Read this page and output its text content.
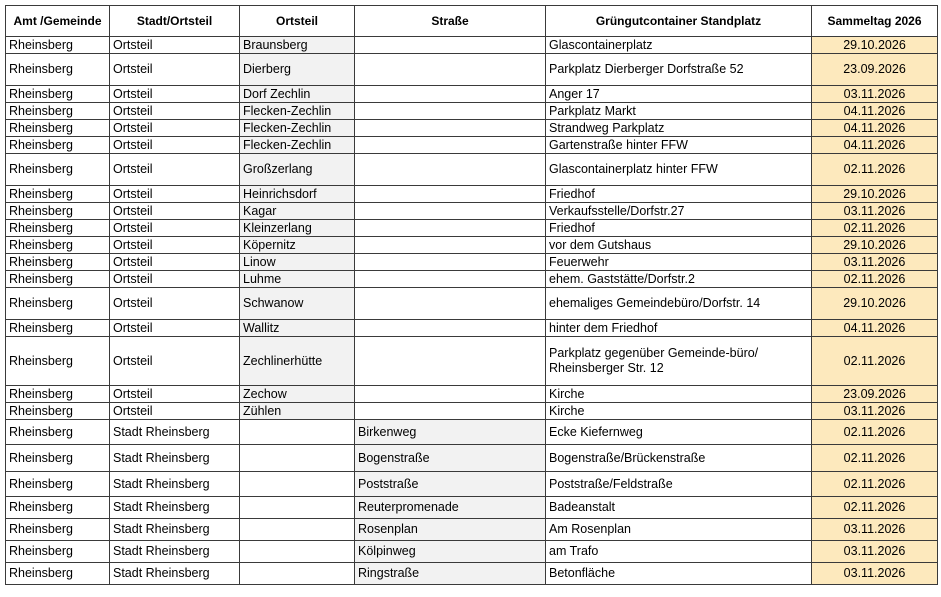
Amt /Gemeinde	Stadt/Ortsteil	Ortsteil	Straße	Grüngutcontainer Standplatz	Sammeltag 2026
Rheinsberg	Ortsteil	Braunsberg		Glascontainerplatz	29.10.2026
Rheinsberg	Ortsteil	Dierberg		Parkplatz Dierberger Dorfstraße 52	23.09.2026
Rheinsberg	Ortsteil	Dorf Zechlin		Anger 17	03.11.2026
Rheinsberg	Ortsteil	Flecken-Zechlin		Parkplatz Markt	04.11.2026
Rheinsberg	Ortsteil	Flecken-Zechlin		Strandweg Parkplatz	04.11.2026
Rheinsberg	Ortsteil	Flecken-Zechlin		Gartenstraße hinter FFW	04.11.2026
Rheinsberg	Ortsteil	Großzerlang		Glascontainerplatz hinter FFW	02.11.2026
Rheinsberg	Ortsteil	Heinrichsdorf		Friedhof	29.10.2026
Rheinsberg	Ortsteil	Kagar		Verkaufsstelle/Dorfstr.27	03.11.2026
Rheinsberg	Ortsteil	Kleinzerlang		Friedhof	02.11.2026
Rheinsberg	Ortsteil	Köpernitz		vor dem Gutshaus	29.10.2026
Rheinsberg	Ortsteil	Linow		Feuerwehr	03.11.2026
Rheinsberg	Ortsteil	Luhme		ehem. Gaststätte/Dorfstr.2	02.11.2026
Rheinsberg	Ortsteil	Schwanow		ehemaliges Gemeindebüro/Dorfstr. 14	29.10.2026
Rheinsberg	Ortsteil	Wallitz		hinter dem Friedhof	04.11.2026
Rheinsberg	Ortsteil	Zechlinerhütte		Parkplatz gegenüber Gemeinde-büro/ Rheinsberger Str. 12	02.11.2026
Rheinsberg	Ortsteil	Zechow		Kirche	23.09.2026
Rheinsberg	Ortsteil	Zühlen		Kirche	03.11.2026
Rheinsberg	Stadt Rheinsberg		Birkenweg	Ecke Kiefernweg	02.11.2026
Rheinsberg	Stadt Rheinsberg		Bogenstraße	Bogenstraße/Brückenstraße	02.11.2026
Rheinsberg	Stadt Rheinsberg		Poststraße	Poststraße/Feldstraße	02.11.2026
Rheinsberg	Stadt Rheinsberg		Reuterpromenade	Badeanstalt	02.11.2026
Rheinsberg	Stadt Rheinsberg		Rosenplan	Am Rosenplan	03.11.2026
Rheinsberg	Stadt Rheinsberg		Kölpinweg	am Trafo	03.11.2026
Rheinsberg	Stadt Rheinsberg		Ringstraße	Betonfläche	03.11.2026
